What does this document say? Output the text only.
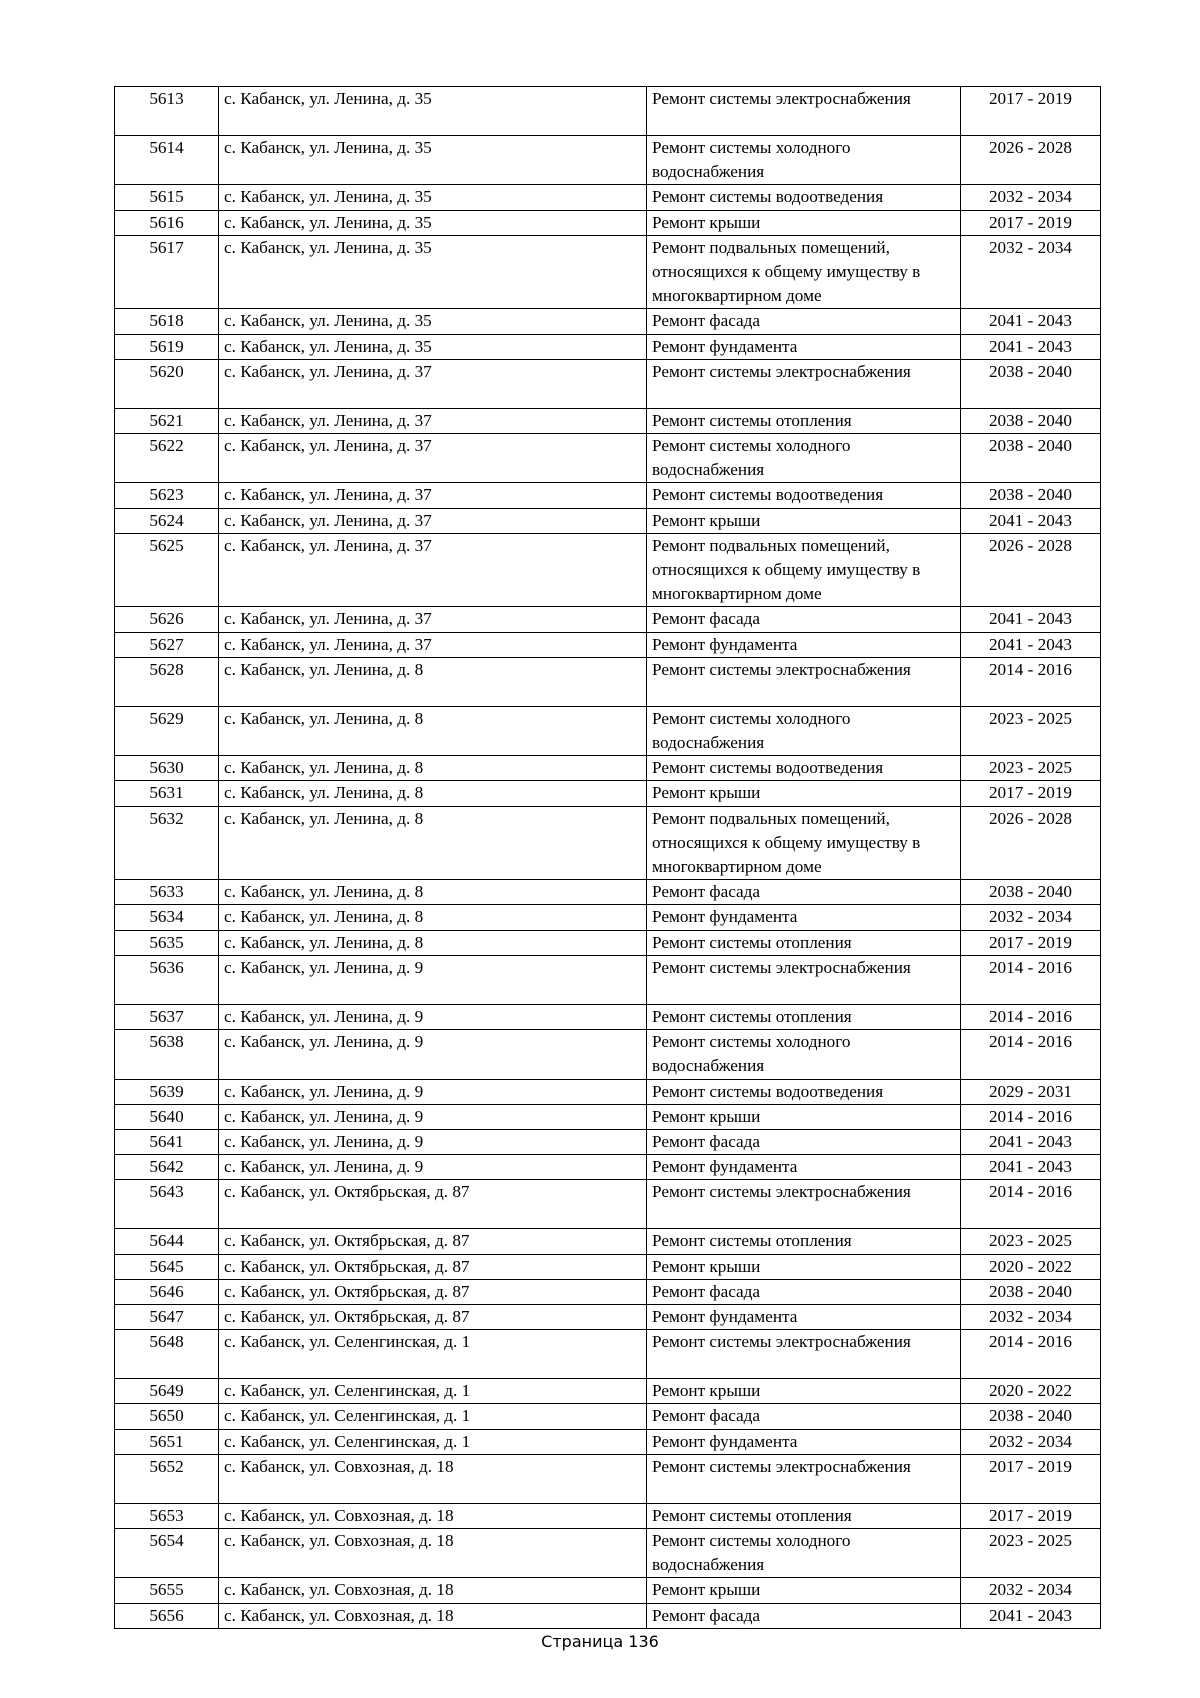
5613	с. Кабанск, ул. Ленина, д. 35	Ремонт системы электроснабжения	2017 - 2019
5614	с. Кабанск, ул. Ленина, д. 35	Ремонт системы холодного водоснабжения	2026 - 2028
5615	с. Кабанск, ул. Ленина, д. 35	Ремонт системы водоотведения	2032 - 2034
5616	с. Кабанск, ул. Ленина, д. 35	Ремонт крыши	2017 - 2019
5617	с. Кабанск, ул. Ленина, д. 35	Ремонт подвальных помещений, относящихся к общему имуществу в многоквартирном доме	2032 - 2034
5618	с. Кабанск, ул. Ленина, д. 35	Ремонт фасада	2041 - 2043
5619	с. Кабанск, ул. Ленина, д. 35	Ремонт фундамента	2041 - 2043
5620	с. Кабанск, ул. Ленина, д. 37	Ремонт системы электроснабжения	2038 - 2040
5621	с. Кабанск, ул. Ленина, д. 37	Ремонт системы отопления	2038 - 2040
5622	с. Кабанск, ул. Ленина, д. 37	Ремонт системы холодного водоснабжения	2038 - 2040
5623	с. Кабанск, ул. Ленина, д. 37	Ремонт системы водоотведения	2038 - 2040
5624	с. Кабанск, ул. Ленина, д. 37	Ремонт крыши	2041 - 2043
5625	с. Кабанск, ул. Ленина, д. 37	Ремонт подвальных помещений, относящихся к общему имуществу в многоквартирном доме	2026 - 2028
5626	с. Кабанск, ул. Ленина, д. 37	Ремонт фасада	2041 - 2043
5627	с. Кабанск, ул. Ленина, д. 37	Ремонт фундамента	2041 - 2043
5628	с. Кабанск, ул. Ленина, д. 8	Ремонт системы электроснабжения	2014 - 2016
5629	с. Кабанск, ул. Ленина, д. 8	Ремонт системы холодного водоснабжения	2023 - 2025
5630	с. Кабанск, ул. Ленина, д. 8	Ремонт системы водоотведения	2023 - 2025
5631	с. Кабанск, ул. Ленина, д. 8	Ремонт крыши	2017 - 2019
5632	с. Кабанск, ул. Ленина, д. 8	Ремонт подвальных помещений, относящихся к общему имуществу в многоквартирном доме	2026 - 2028
5633	с. Кабанск, ул. Ленина, д. 8	Ремонт фасада	2038 - 2040
5634	с. Кабанск, ул. Ленина, д. 8	Ремонт фундамента	2032 - 2034
5635	с. Кабанск, ул. Ленина, д. 8	Ремонт системы отопления	2017 - 2019
5636	с. Кабанск, ул. Ленина, д. 9	Ремонт системы электроснабжения	2014 - 2016
5637	с. Кабанск, ул. Ленина, д. 9	Ремонт системы отопления	2014 - 2016
5638	с. Кабанск, ул. Ленина, д. 9	Ремонт системы холодного водоснабжения	2014 - 2016
5639	с. Кабанск, ул. Ленина, д. 9	Ремонт системы водоотведения	2029 - 2031
5640	с. Кабанск, ул. Ленина, д. 9	Ремонт крыши	2014 - 2016
5641	с. Кабанск, ул. Ленина, д. 9	Ремонт фасада	2041 - 2043
5642	с. Кабанск, ул. Ленина, д. 9	Ремонт фундамента	2041 - 2043
5643	с. Кабанск, ул. Октябрьская, д. 87	Ремонт системы электроснабжения	2014 - 2016
5644	с. Кабанск, ул. Октябрьская, д. 87	Ремонт системы отопления	2023 - 2025
5645	с. Кабанск, ул. Октябрьская, д. 87	Ремонт крыши	2020 - 2022
5646	с. Кабанск, ул. Октябрьская, д. 87	Ремонт фасада	2038 - 2040
5647	с. Кабанск, ул. Октябрьская, д. 87	Ремонт фундамента	2032 - 2034
5648	с. Кабанск, ул. Селенгинская, д. 1	Ремонт системы электроснабжения	2014 - 2016
5649	с. Кабанск, ул. Селенгинская, д. 1	Ремонт крыши	2020 - 2022
5650	с. Кабанск, ул. Селенгинская, д. 1	Ремонт фасада	2038 - 2040
5651	с. Кабанск, ул. Селенгинская, д. 1	Ремонт фундамента	2032 - 2034
5652	с. Кабанск, ул. Совхозная, д. 18	Ремонт системы электроснабжения	2017 - 2019
5653	с. Кабанск, ул. Совхозная, д. 18	Ремонт системы отопления	2017 - 2019
5654	с. Кабанск, ул. Совхозная, д. 18	Ремонт системы холодного водоснабжения	2023 - 2025
5655	с. Кабанск, ул. Совхозная, д. 18	Ремонт крыши	2032 - 2034
5656	с. Кабанск, ул. Совхозная, д. 18	Ремонт фасада	2041 - 2043
Страница 136
